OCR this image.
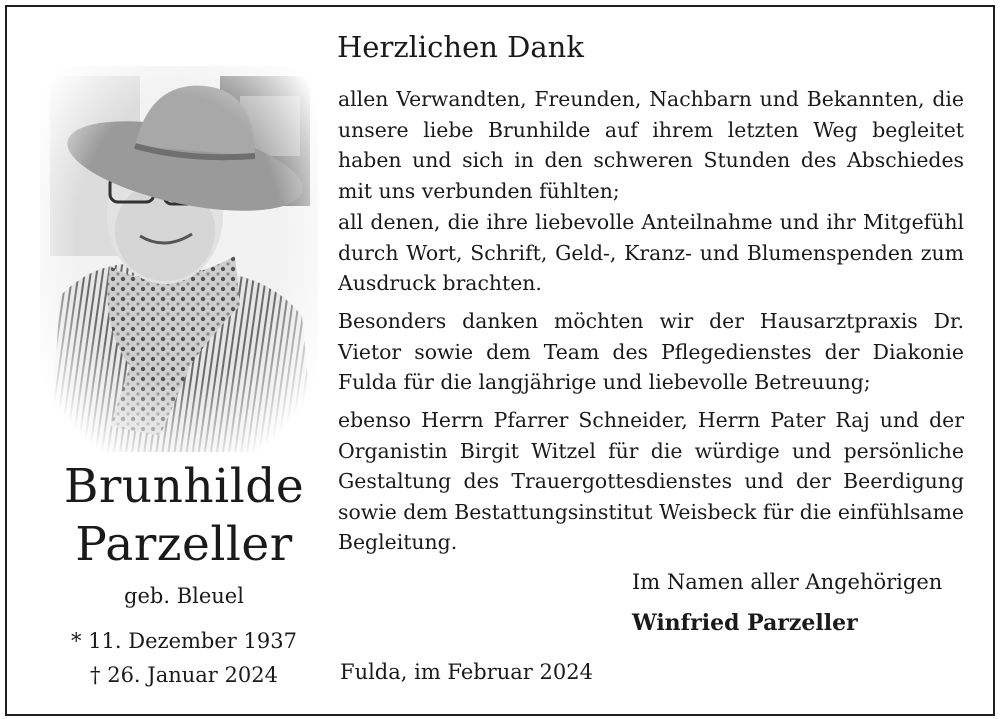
Brunhilde
Parzeller
geb. Bleuel
* 11. Dezember 1937
† 26. Januar 2024
Herzlichen Dank
allen Verwandten, Freunden, Nachbarn und Bekannten, die unsere liebe Brunhilde auf ihrem letzten Weg begleitet haben und sich in den schweren Stunden des Abschiedes mit uns verbunden fühlten;
all denen, die ihre liebevolle Anteilnahme und ihr Mitgefühl durch Wort, Schrift, Geld-, Kranz- und Blumenspenden zum Ausdruck brachten.
Besonders danken möchten wir der Hausarztpraxis Dr. Vietor sowie dem Team des Pflegedienstes der Diakonie Fulda für die langjährige und liebevolle Betreuung;
ebenso Herrn Pfarrer Schneider, Herrn Pater Raj und der Organistin Birgit Witzel für die würdige und persönliche Gestaltung des Trauergottesdienstes und der Beerdigung sowie dem Bestattungsinstitut Weisbeck für die einfühlsame Begleitung.
Im Namen aller Angehörigen
Winfried Parzeller
Fulda, im Februar 2024
